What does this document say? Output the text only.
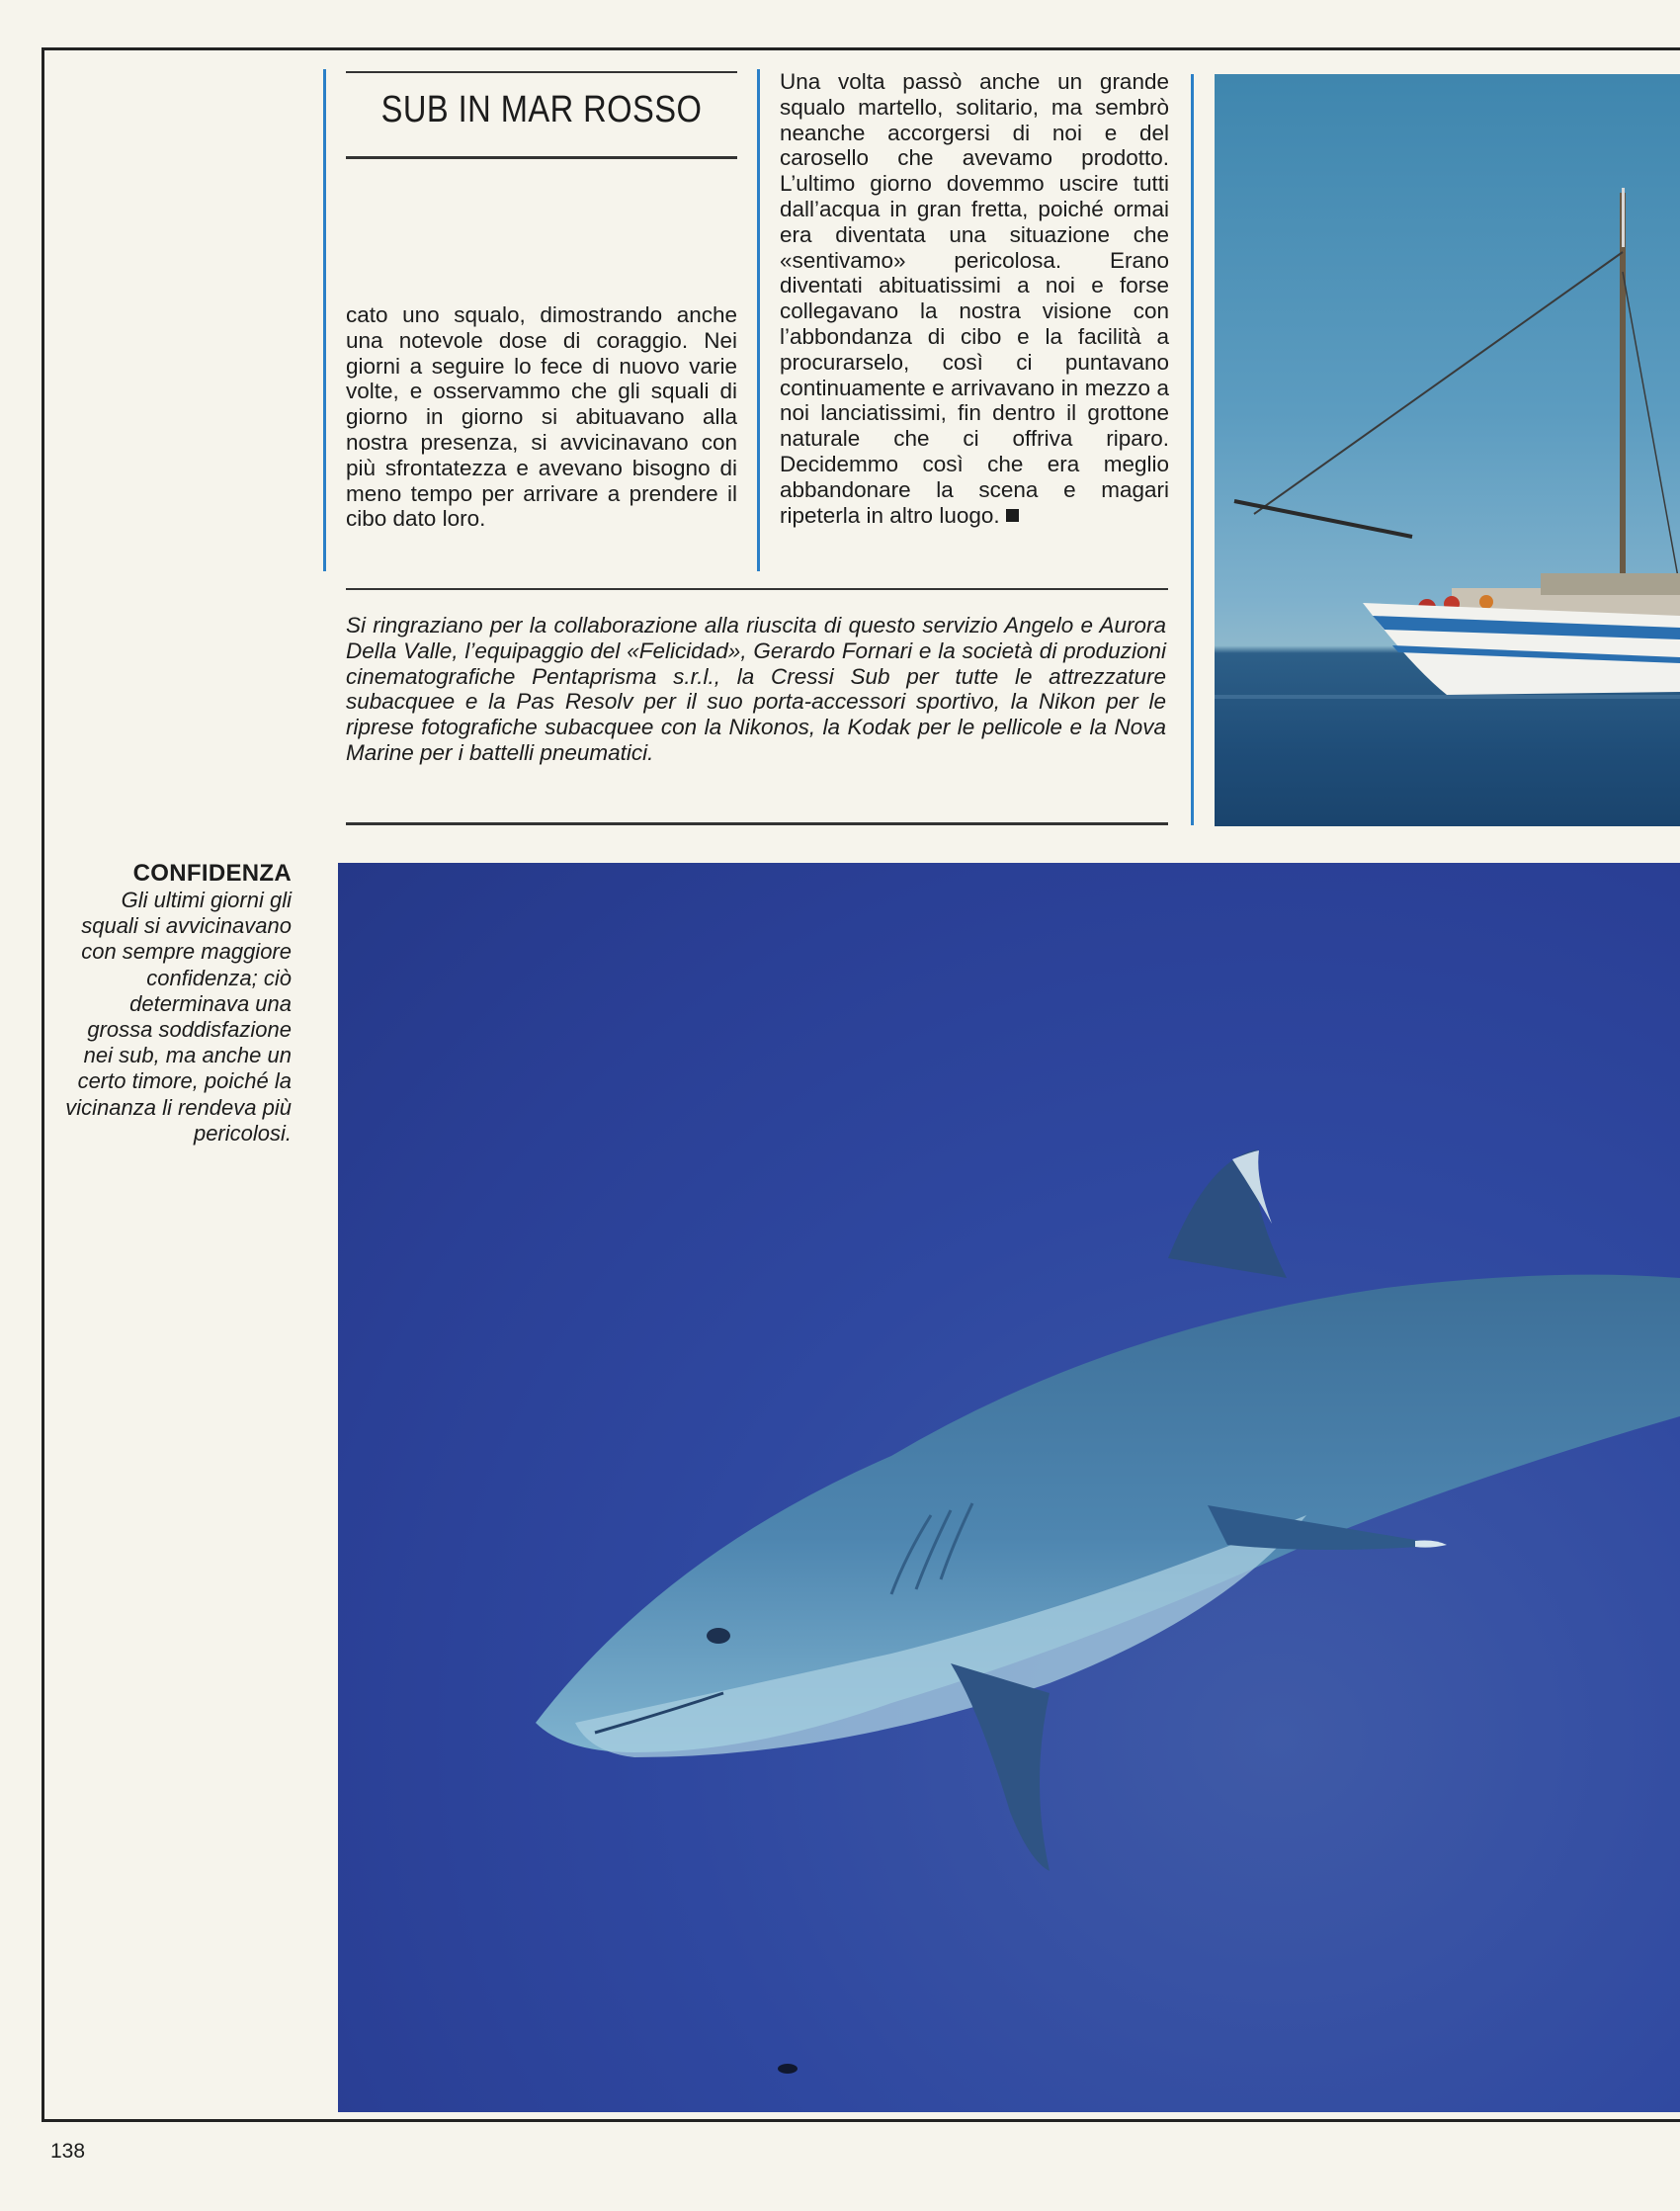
SUB IN MAR ROSSO

cato uno squalo, dimostrando anche una notevole dose di coraggio. Nei giorni a seguire lo fece di nuovo varie volte, e osservammo che gli squali di giorno in giorno si abituavano alla nostra presenza, si avvicinavano con più sfrontatezza e avevano bisogno di meno tempo per arrivare a prendere il cibo dato loro.

Una volta passò anche un grande squalo martello, solitario, ma sembrò neanche accorgersi di noi e del carosello che avevamo prodotto. L’ultimo giorno dovemmo uscire tutti dall’acqua in gran fretta, poiché ormai era diventata una situazione che «sentivamo» pericolosa. Erano diventati abituatissimi a noi e forse collegavano la nostra visione con l’abbondanza di cibo e la facilità a procurarselo, così ci puntavano continuamente e arrivavano in mezzo a noi lanciatissimi, fin dentro il grottone naturale che ci offriva riparo. Decidemmo così che era meglio abbandonare la scena e magari ripeterla in altro luogo.

Si ringraziano per la collaborazione alla riuscita di questo servizio Angelo e Aurora Della Valle, l’equipaggio del «Felicidad», Gerardo Fornari e la società di produzioni cinematografiche Pentaprisma s.r.l., la Cressi Sub per tutte le attrezzature subacquee e la Pas Resolv per il suo porta-accessori sportivo, la Nikon per le riprese fotografiche subacquee con la Nikonos, la Kodak per le pellicole e la Nova Marine per i battelli pneumatici.
CONFIDENZA
Gli ultimi giorni gli squali si avvicinavano con sempre maggiore confidenza; ciò determinava una grossa soddisfazione nei sub, ma anche un certo timore, poiché la vicinanza li rendeva più pericolosi.
138
